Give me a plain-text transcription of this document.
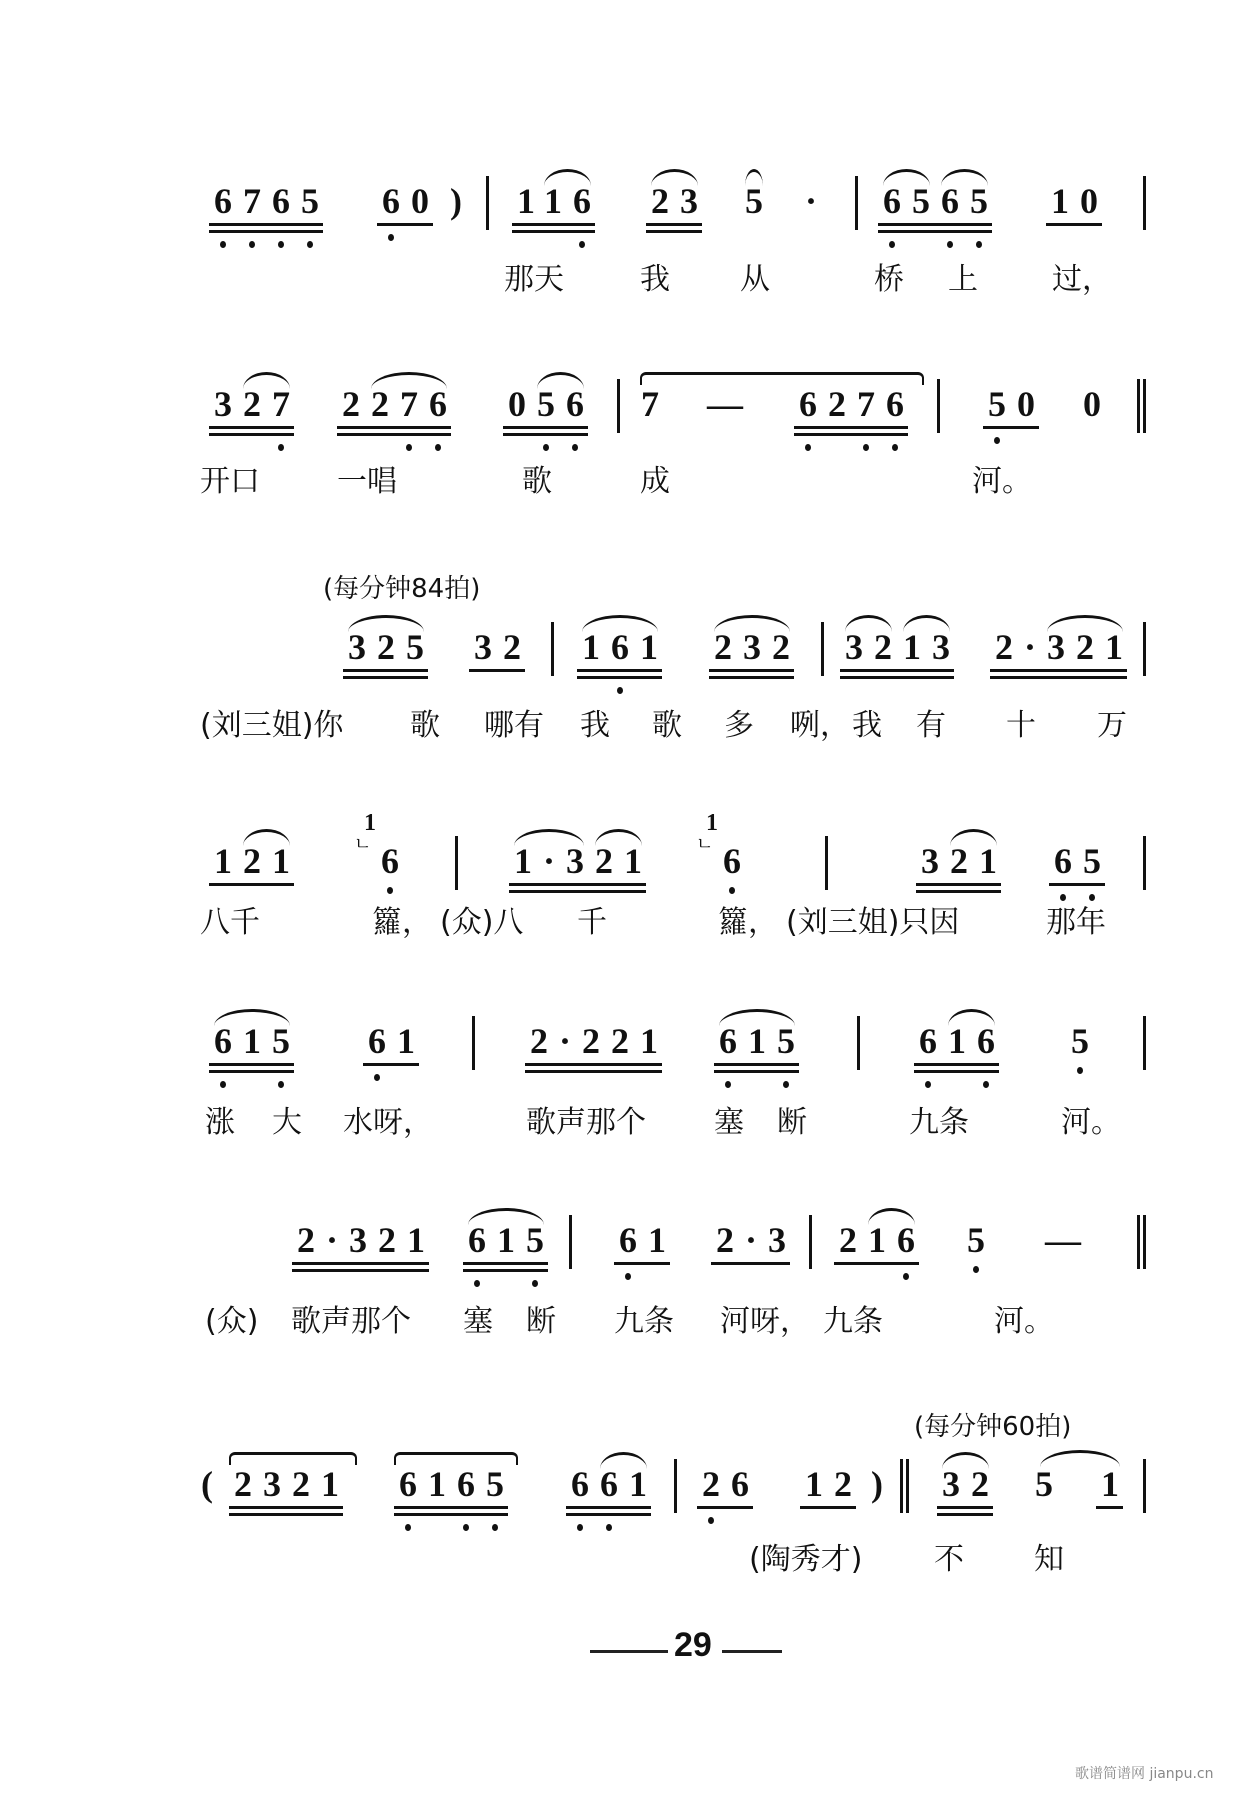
6765 60 ) 116 23 5 · 6565 10
那天	我 从	桥 上 过，
327 2276 056 7 — 6276 50 0
开口	一唱	歌	成	河。
(每分钟84拍)
325 32 161 232 3213 2·321
(刘三姐)你 歌 哪有 我 歌 多 咧， 我 有 十 万
121 6
1
ㄴ	1·321 6
1
ㄴ	321 65
八千	籮， (众)八 千	籮， (刘三姐)只因	那年
615 61	2·221 615	616 5
涨 大 水呀，	歌声那个 塞 断	九条	河。
2·321 615 61 2·3 216 5 —
(众) 歌声那个 塞 断 九条 河呀， 九条	河。
(每分钟60拍)
( 2321 6165 661 26 12 ) 32 5 1
(陶秀才) 不 知
29
歌谱简谱网 jianpu.cn
